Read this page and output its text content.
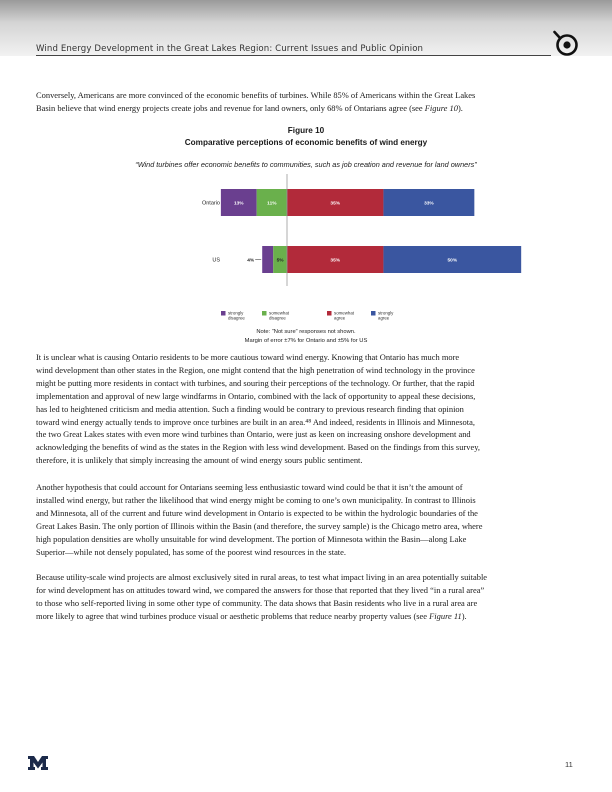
Wind Energy Development in the Great Lakes Region: Current Issues and Public Opinion

Conversely, Americans are more convinced of the economic benefits of turbines. While 85% of Americans within the Great Lakes
Basin believe that wind energy projects create jobs and revenue for land owners, only 68% of Ontarians agree (see Figure 10).

Figure 10
Comparative perceptions of economic benefits of wind energy
“Wind turbines offer economic benefits to communities, such as job creation and revenue for land owners”
Ontario	13%	11%	35%	33%
US	4%	5%	35%	50%
strongly
disagree
somewhat
disagree
somewhat
agree
strongly
agree
Note: “Not sure” responses not shown.
Margin of error ±7% for Ontario and ±5% for US

It is unclear what is causing Ontario residents to be more cautious toward wind energy. Knowing that Ontario has much more
wind development than other states in the Region, one might contend that the high penetration of wind technology in the province
might be putting more residents in contact with turbines, and souring their perceptions of the technology. Or further, that the rapid
implementation and approval of new large windfarms in Ontario, combined with the lack of opportunity to appeal these decisions,
has led to heightened criticism and media attention. Such a finding would be contrary to previous research finding that opinion
toward wind energy actually tends to improve once turbines are built in an area.⁴⁸ And indeed, residents in Illinois and Minnesota,
the two Great Lakes states with even more wind turbines than Ontario, were just as keen on increasing onshore development and
acknowledging the benefits of wind as the states in the Region with less wind development. Based on the findings from this survey,
therefore, it is unlikely that simply increasing the amount of wind energy sours public sentiment.

Another hypothesis that could account for Ontarians seeming less enthusiastic toward wind could be that it isn’t the amount of
installed wind energy, but rather the likelihood that wind energy might be coming to one’s own municipality. In contrast to Illinois
and Minnesota, all of the current and future wind development in Ontario is expected to be within the hydrologic boundaries of the
Great Lakes Basin. The only portion of Illinois within the Basin (and therefore, the survey sample) is the Chicago metro area, where
high population densities are wholly unsuitable for wind development. The portion of Minnesota within the Basin—along Lake
Superior—while not densely populated, has some of the poorest wind resources in the state.

Because utility-scale wind projects are almost exclusively sited in rural areas, to test what impact living in an area potentially suitable
for wind development has on attitudes toward wind, we compared the answers for those that reported that they lived “in a rural area”
to those who self-reported living in some other type of community. The data shows that Basin residents who live in a rural area are
more likely to agree that wind turbines produce visual or aesthetic problems that reduce nearby property values (see Figure 11).

11
